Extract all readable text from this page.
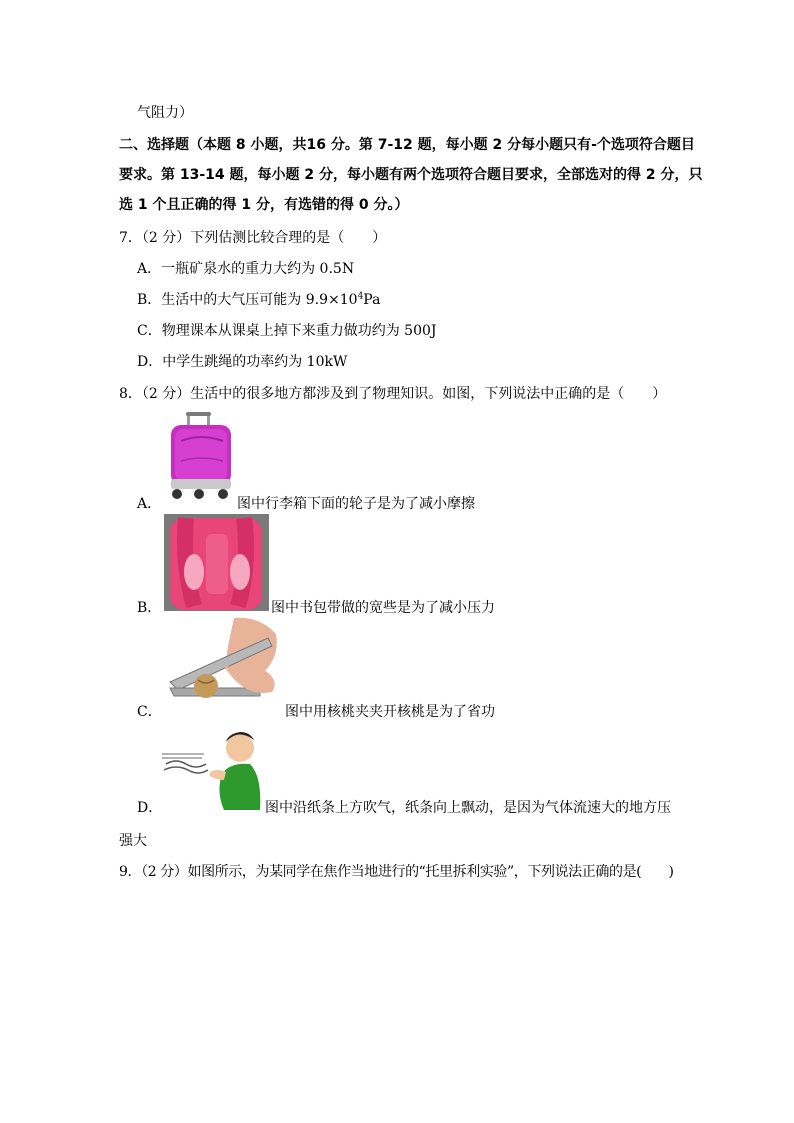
气阻力）
二、选择题（本题 8 小题，共16 分。第 7-12 题，每小题 2 分每小题只有-个选项符合题目
要求。第 13-14 题，每小题 2 分，每小题有两个选项符合题目要求，全部选对的得 2 分，只
选 1 个且正确的得 1 分，有选错的得 0 分。）
7．（2 分）下列估测比较合理的是（　　）
A．一瓶矿泉水的重力大约为 0.5N
B．生活中的大气压可能为 $9.9\times 10^4Pa$
C．物理课本从课桌上掉下来重力做功约为 500J
D．中学生跳绳的功率约为 10kW
8．（2 分）生活中的很多地方都涉及到了物理知识。如图，下列说法中正确的是（　　）
A．	图中行李箱下面的轮子是为了减小摩擦
B．	图中书包带做的宽些是为了减小压力
C．	图中用核桃夹夹开核桃是为了省功
D．	图中沿纸条上方吹气，纸条向上飘动，是因为气体流速大的地方压
强大
9．（2 分）如图所示，为某同学在焦作当地进行的“托里拆利实验”，下列说法正确的是(　　)
